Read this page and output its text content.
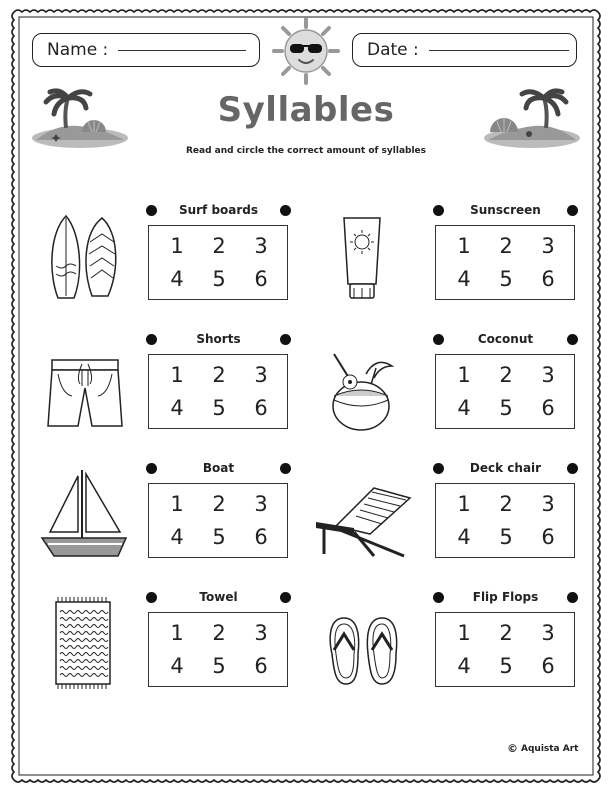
Name :	Date :
Syllables
Read and circle the correct amount of syllables
Surf boards
1 2 3
4 5 6
Sunscreen
1 2 3
4 5 6
Shorts
1 2 3
4 5 6
Coconut
1 2 3
4 5 6
Boat
1 2 3
4 5 6
Deck chair
1 2 3
4 5 6
Towel
1 2 3
4 5 6
Flip Flops
1 2 3
4 5 6
© Aquista Art
